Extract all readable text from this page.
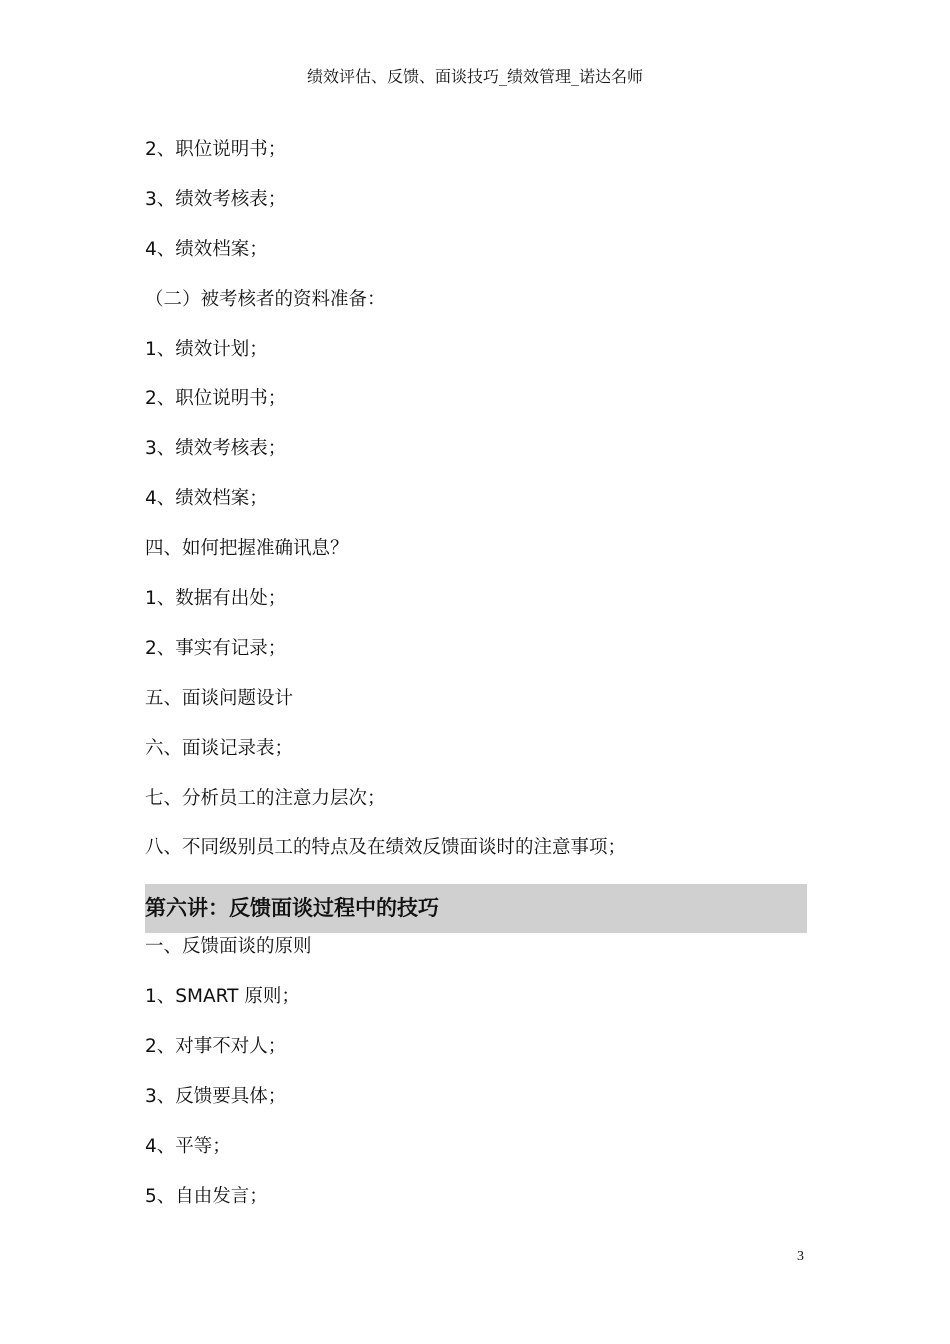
绩效评估、反馈、面谈技巧_绩效管理_诺达名师
2、职位说明书；
3、绩效考核表；
4、绩效档案；
（二）被考核者的资料准备：
1、绩效计划；
2、职位说明书；
3、绩效考核表；
4、绩效档案；
四、如何把握准确讯息？
1、数据有出处；
2、事实有记录；
五、面谈问题设计
六、面谈记录表；
七、分析员工的注意力层次；
八、不同级别员工的特点及在绩效反馈面谈时的注意事项；
第六讲：反馈面谈过程中的技巧
一、反馈面谈的原则
1、SMART 原则；
2、对事不对人；
3、反馈要具体；
4、平等；
5、自由发言；
3
